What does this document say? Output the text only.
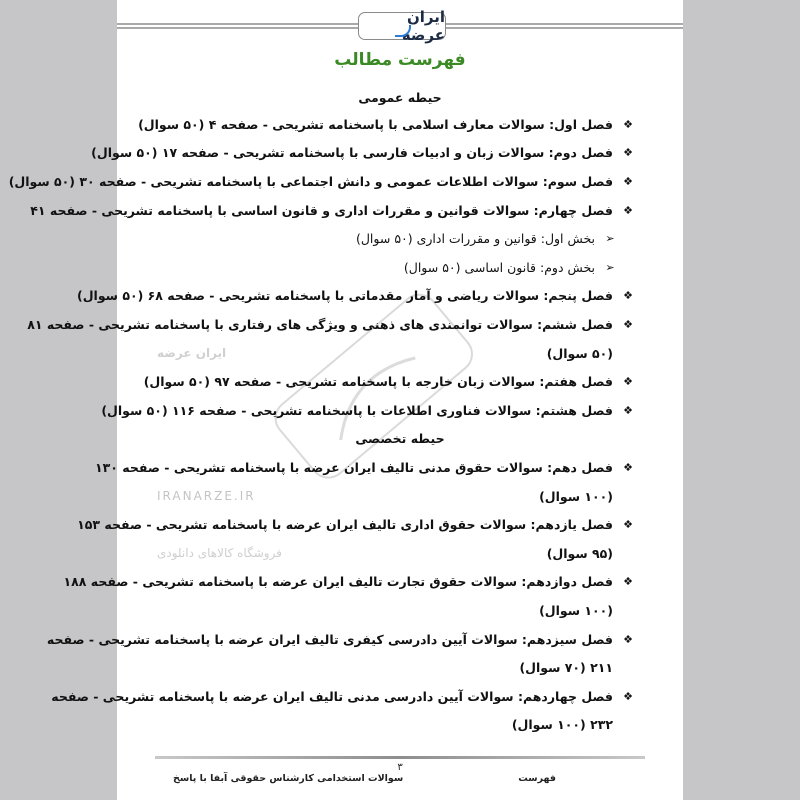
ایران عرضه
فهرست مطالب
ایران عرضه
IRANARZE.IR
فروشگاه کالاهای دانلودی
حیطه عمومی
❖
فصل اول: سوالات معارف اسلامی با پاسخنامه تشریحی - صفحه ۴ (۵۰ سوال)
❖
فصل دوم: سوالات زبان و ادبیات فارسی با پاسخنامه تشریحی - صفحه ۱۷ (۵۰ سوال)
❖
فصل سوم: سوالات اطلاعات عمومی و دانش اجتماعی با پاسخنامه تشریحی - صفحه ۳۰ (۵۰ سوال)
❖
فصل چهارم: سوالات قوانین و مقررات اداری و قانون اساسی با پاسخنامه تشریحی - صفحه ۴۱
➢
بخش اول: قوانین و مقررات اداری (۵۰ سوال)
➢
بخش دوم: قانون اساسی (۵۰ سوال)
❖
فصل پنجم: سوالات ریاضی و آمار مقدماتی با پاسخنامه تشریحی - صفحه ۶۸ (۵۰ سوال)
❖
فصل ششم: سوالات توانمندی های ذهنی و ویژگی های رفتاری با پاسخنامه تشریحی - صفحه ۸۱
(۵۰ سوال)
❖
فصل هفتم: سوالات زبان خارجه با پاسخنامه تشریحی - صفحه ۹۷ (۵۰ سوال)
❖
فصل هشتم: سوالات فناوری اطلاعات با پاسخنامه تشریحی - صفحه ۱۱۶ (۵۰ سوال)
حیطه تخصصی
❖
فصل دهم: سوالات حقوق مدنی تالیف ایران عرضه با پاسخنامه تشریحی - صفحه ۱۳۰
(۱۰۰ سوال)
❖
فصل یازدهم: سوالات حقوق اداری تالیف ایران عرضه با پاسخنامه تشریحی - صفحه ۱۵۳
(۹۵ سوال)
❖
فصل دوازدهم: سوالات حقوق تجارت تالیف ایران عرضه با پاسخنامه تشریحی - صفحه ۱۸۸
(۱۰۰ سوال)
❖
فصل سیزدهم: سوالات آیین دادرسی کیفری تالیف ایران عرضه با پاسخنامه تشریحی - صفحه
۲۱۱ (۷۰ سوال)
❖
فصل چهاردهم: سوالات آیین دادرسی مدنی تالیف ایران عرضه با پاسخنامه تشریحی - صفحه
۲۳۲ (۱۰۰ سوال)
۳
سوالات استخدامی کارشناس حقوقی آبفا با پاسخ	فهرست
